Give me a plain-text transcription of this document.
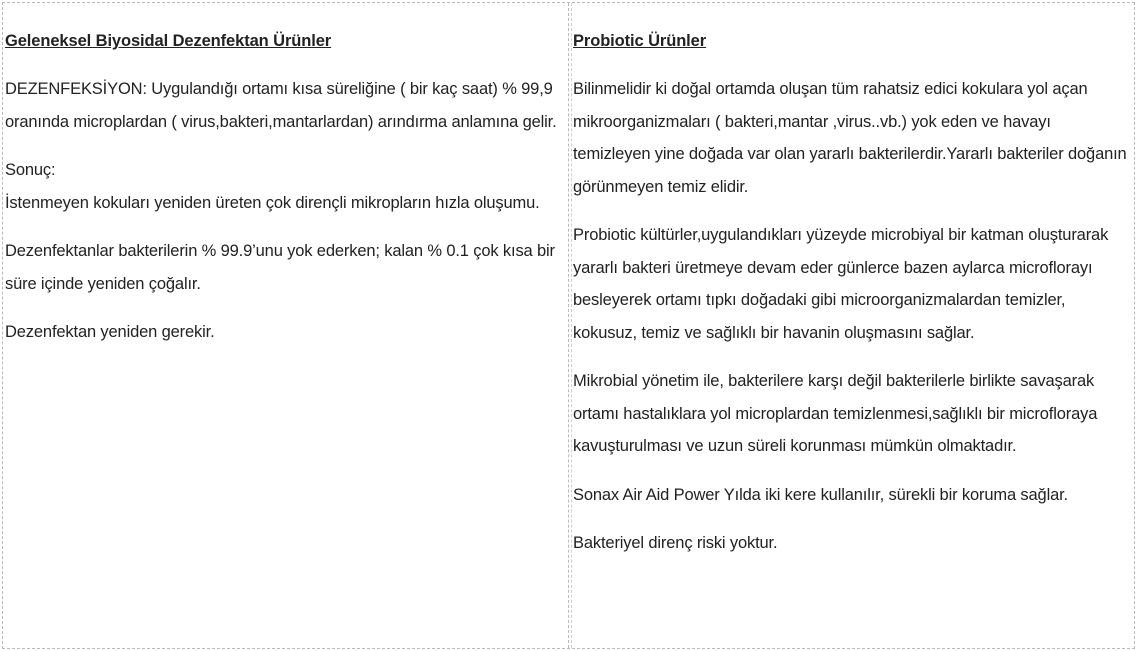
Geleneksel Biyosidal Dezenfektan Ürünler

DEZENFEKSİYON: Uygulandığı ortamı kısa süreliğine ( bir kaç saat) % 99,9 oranında microplardan ( virus,bakteri,mantarlardan) arındırma anlamına gelir.

Sonuç:

İstenmeyen kokuları yeniden üreten çok dirençli mikropların hızla oluşumu.

Dezenfektanlar bakterilerin % 99.9’unu yok ederken; kalan % 0.1 çok kısa bir süre içinde yeniden çoğalır.

Dezenfektan yeniden gerekir.

Probiotic Ürünler

Bilinmelidir ki doğal ortamda oluşan tüm rahatsiz edici kokulara yol açan mikroorganizmaları ( bakteri,mantar ,virus..vb.) yok eden ve havayı temizleyen yine doğada var olan yararlı bakterilerdir.Yararlı bakteriler doğanın görünmeyen temiz elidir.

Probiotic kültürler,uygulandıkları yüzeyde microbiyal bir katman oluşturarak yararlı bakteri üretmeye devam eder günlerce bazen aylarca microflorayı besleyerek ortamı tıpkı doğadaki gibi microorganizmalardan temizler, kokusuz, temiz ve sağlıklı bir havanin oluşmasını sağlar.

Mikrobial yönetim ile, bakterilere karşı değil bakterilerle birlikte savaşarak ortamı hastalıklara yol microplardan temizlenmesi,sağlıklı bir microfloraya kavuşturulması ve uzun süreli korunması mümkün olmaktadır.

Sonax Air Aid Power Yılda iki kere kullanılır, sürekli bir koruma sağlar.

Bakteriyel direnç riski yoktur.
